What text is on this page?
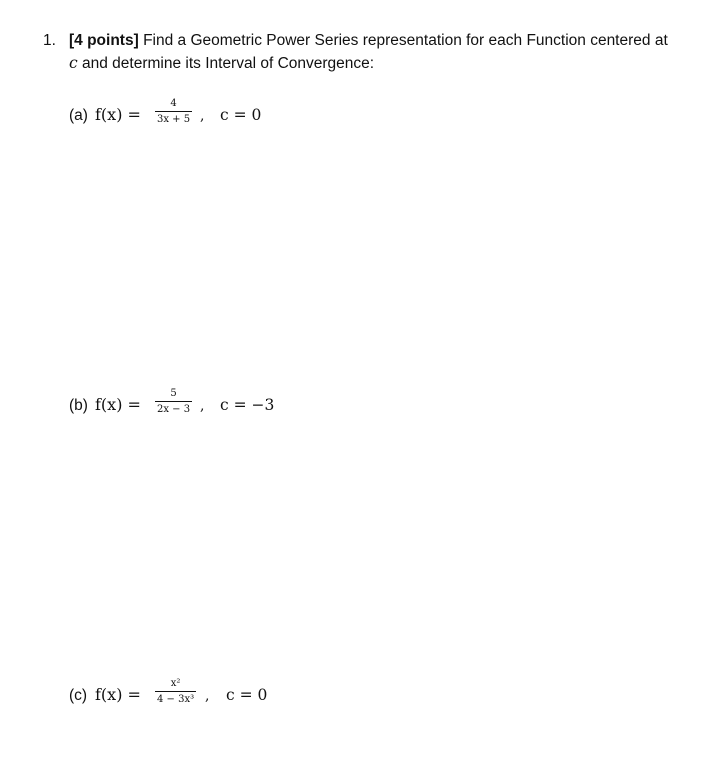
1. [4 points] Find a Geometric Power Series representation for each Function centered at
c and determine its Interval of Convergence:
(a) $f(x) = \frac{4}{3x + 5}$ , c = 0
(b) $f(x) = \frac{5}{2x - 3}$ , c = −3
(c) $f(x) = \frac{\text{x²}}{\text{4 − 3x³}}$ , c = 0
